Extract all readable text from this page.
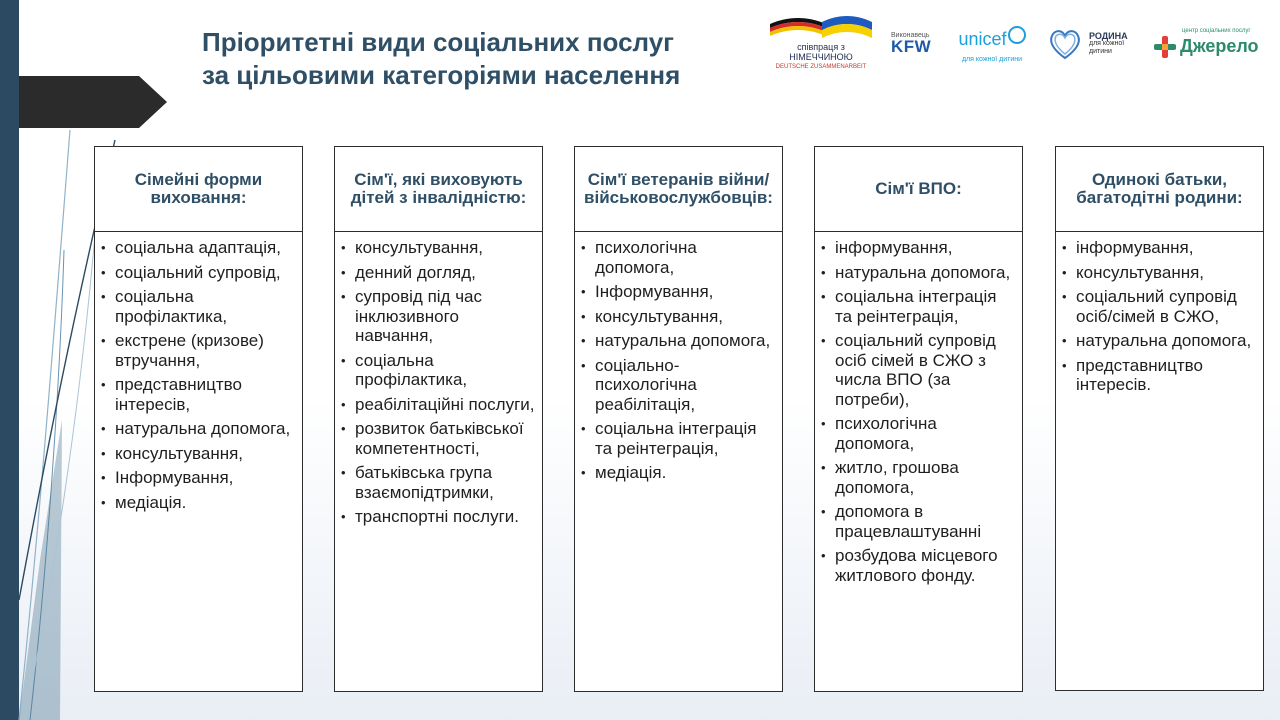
Пріоритетні види соціальних послуг
за цільовими категоріями населення
співпраця з
НІМЕЧЧИНОЮ
DEUTSCHE ZUSAMMENARBEIT
Виконавець
KFW	unicef
для кожної дитини
РОДИНА
для кожної
дитини
центр соціальних послуг
Джерело
Сімейні форми виховання:
• соціальна адаптація,
• соціальний супровід,
• соціальна профілактика,
• екстрене (кризове) втручання,
• представництво інтересів,
• натуральна допомога,
• консультування,
• Інформування,
• медіація.
Сім'ї, які виховують дітей з інвалідністю:
• консультування,
• денний догляд,
• супровід під час інклюзивного навчання,
• соціальна профілактика,
• реабілітаційні послуги,
• розвиток батьківської компетентності,
• батьківська група взаємопідтримки,
• транспортні послуги.
Сім'ї ветеранів війни/військовослужбовців:
• психологічна допомога,
• Інформування,
• консультування,
• натуральна допомога,
• соціально-психологічна реабілітація,
• соціальна інтеграція та реінтеграція,
• медіація.
Сім'ї ВПО:
• інформування,
• натуральна допомога,
• соціальна інтеграція та реінтеграція,
• соціальний супровід осіб сімей в СЖО з числа ВПО (за потреби),
• психологічна допомога,
• житло, грошова допомога,
• допомога в працевлаштуванні
• розбудова місцевого житлового фонду.
Одинокі батьки, багатодітні родини:
• інформування,
• консультування,
• соціальний супровід осіб/сімей в СЖО,
• натуральна допомога,
• представництво інтересів.
